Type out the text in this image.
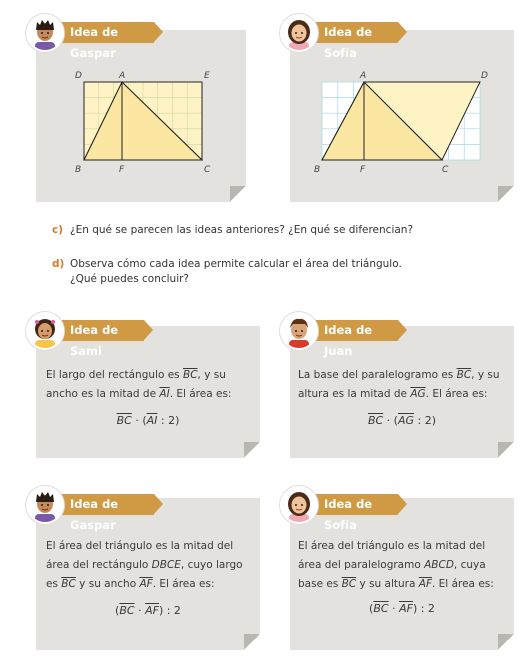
Idea de Gaspar
D	A	E
B	F	C
Idea de Sofía
A	D
B	F	C
c) ¿En qué se parecen las ideas anteriores? ¿En qué se diferencian?
d) Observa cómo cada idea permite calcular el área del triángulo.
¿Qué puedes concluir?
Idea de Sami
El largo del rectángulo es $\overline{BC}$, y su
ancho es la mitad de $\overline{AI}$. El área es:
$\overline{BC} \cdot (\overline{AI}$ : 2)
Idea de Juan
La base del paralelogramo es $\overline{BC}$, y su
altura es la mitad de $\overline{AG}$. El área es:
$\overline{BC} \cdot (\overline{AG}$ : 2)
Idea de Gaspar
El área del triángulo es la mitad del
área del rectángulo DBCE, cuyo largo
es $\overline{BC}$ y su ancho $\overline{AF}$. El área es:
$(\overline{BC} \cdot \overline{AF})$ : 2
Idea de Sofía
El área del triángulo es la mitad del
área del paralelogramo ABCD, cuya
base es $\overline{BC}$ y su altura $\overline{AF}$. El área es:
$(\overline{BC} \cdot \overline{AF})$ : 2
